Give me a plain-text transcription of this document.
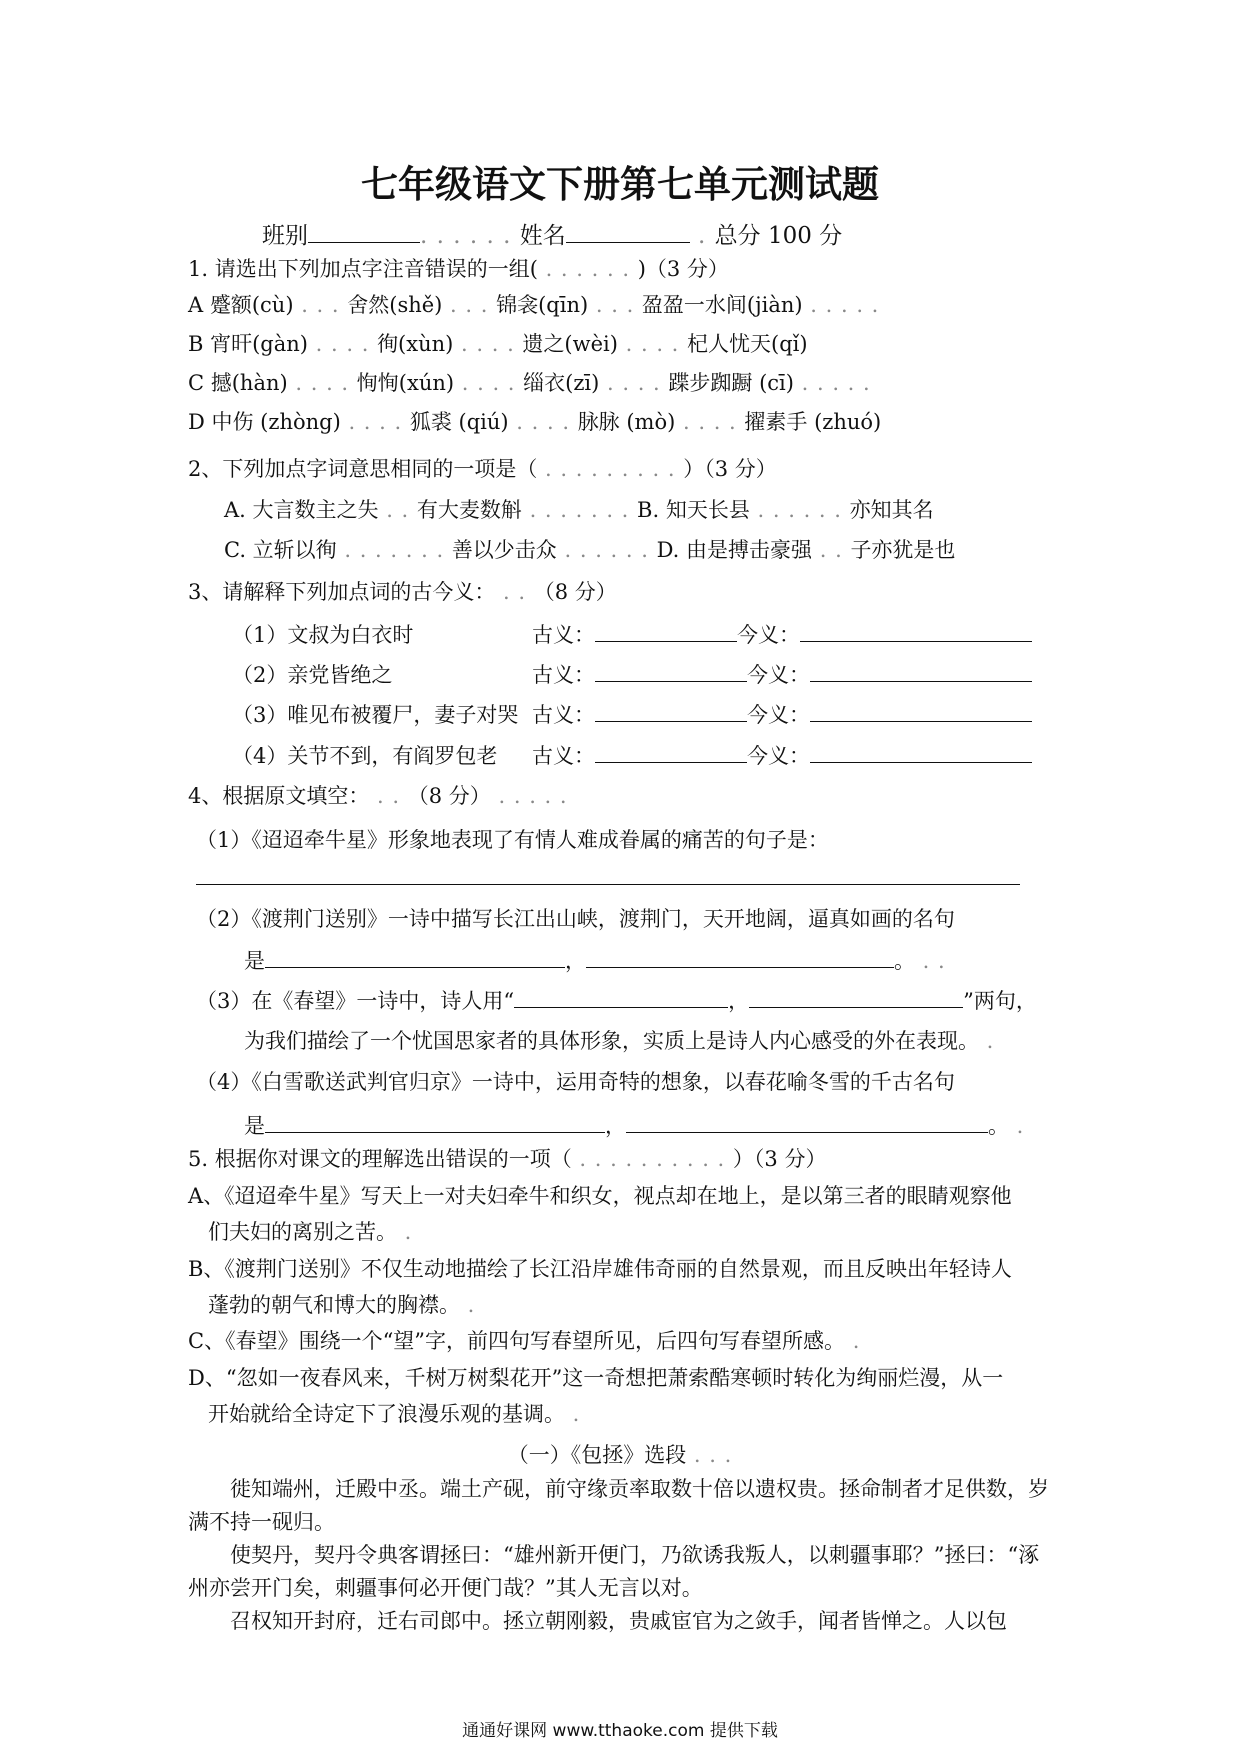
七年级语文下册第七单元测试题
班别	. . . . . . 姓名	. 总分 100 分
1. 请选出下列加点字注音错误的一组( . . . . . . )（3 分）
A 蹙额(cù) . . . 舍然(shě) . . . 锦衾(qīn) . . . 盈盈一水间(jiàn) . . . . .
B 宵旰(gàn) . . . . 徇(xùn) . . . . 遗之(wèi) . . . . 杞人忧天(qǐ)
C 撼(hàn) . . . . 恂恂(xún) . . . . 缁衣(zī) . . . . 蹀步踟蹰 (cī) . . . . .
D 中伤 (zhòng) . . . . 狐裘 (qiú) . . . . 脉脉 (mò) . . . . 擢素手 (zhuó)
2、下列加点字词意思相同的一项是（ . . . . . . . . . ）（3 分）
A. 大言数主之失 . . 有大麦数斛 . . . . . . . B. 知天长县 . . . . . . 亦知其名
C. 立斩以徇 . . . . . . . 善以少击众 . . . . . . D. 由是搏击豪强 . . 子亦犹是也
3、请解释下列加点词的古今义： . . （8 分）
（1）文叔为白衣时	古义：	今义：
（2）亲党皆绝之	古义：	今义：
（3）唯见布被覆尸，妻子对哭 古义：	今义：
（4）关节不到，有阎罗包老 古义：	今义：
4、根据原文填空： . . （8 分） . . . . .
（1）《迢迢牵牛星》形象地表现了有情人难成眷属的痛苦的句子是：
（2）《渡荆门送别》一诗中描写长江出山峡，渡荆门，天开地阔，逼真如画的名句
是	，	。 . .
（3）在《春望》一诗中，诗人用“	，	”两句，
为我们描绘了一个忧国思家者的具体形象，实质上是诗人内心感受的外在表现。 .
（4）《白雪歌送武判官归京》一诗中，运用奇特的想象，以春花喻冬雪的千古名句
是	，	。 .
5. 根据你对课文的理解选出错误的一项（ . . . . . . . . . . ）（3 分）
A、《迢迢牵牛星》写天上一对夫妇牵牛和织女，视点却在地上，是以第三者的眼睛观察他
们夫妇的离别之苦。 .
B、《渡荆门送别》不仅生动地描绘了长江沿岸雄伟奇丽的自然景观，而且反映出年轻诗人
蓬勃的朝气和博大的胸襟。 .
C、《春望》围绕一个“望”字，前四句写春望所见，后四句写春望所感。 .
D、“忽如一夜春风来，千树万树梨花开”这一奇想把萧索酷寒顿时转化为绚丽烂漫，从一
开始就给全诗定下了浪漫乐观的基调。 .
（一）《包拯》选段 . . .
徙知端州，迁殿中丞。端土产砚，前守缘贡率取数十倍以遗权贵。拯命制者才足供数，岁满不持一砚归。
使契丹，契丹令典客谓拯曰：“雄州新开便门，乃欲诱我叛人，以刺疆事耶？”拯曰：“涿州亦尝开门矣，刺疆事何必开便门哉？”其人无言以对。
召权知开封府，迁右司郎中。拯立朝刚毅，贵戚宦官为之敛手，闻者皆惮之。人以包
通通好课网 www.tthaoke.com 提供下载
